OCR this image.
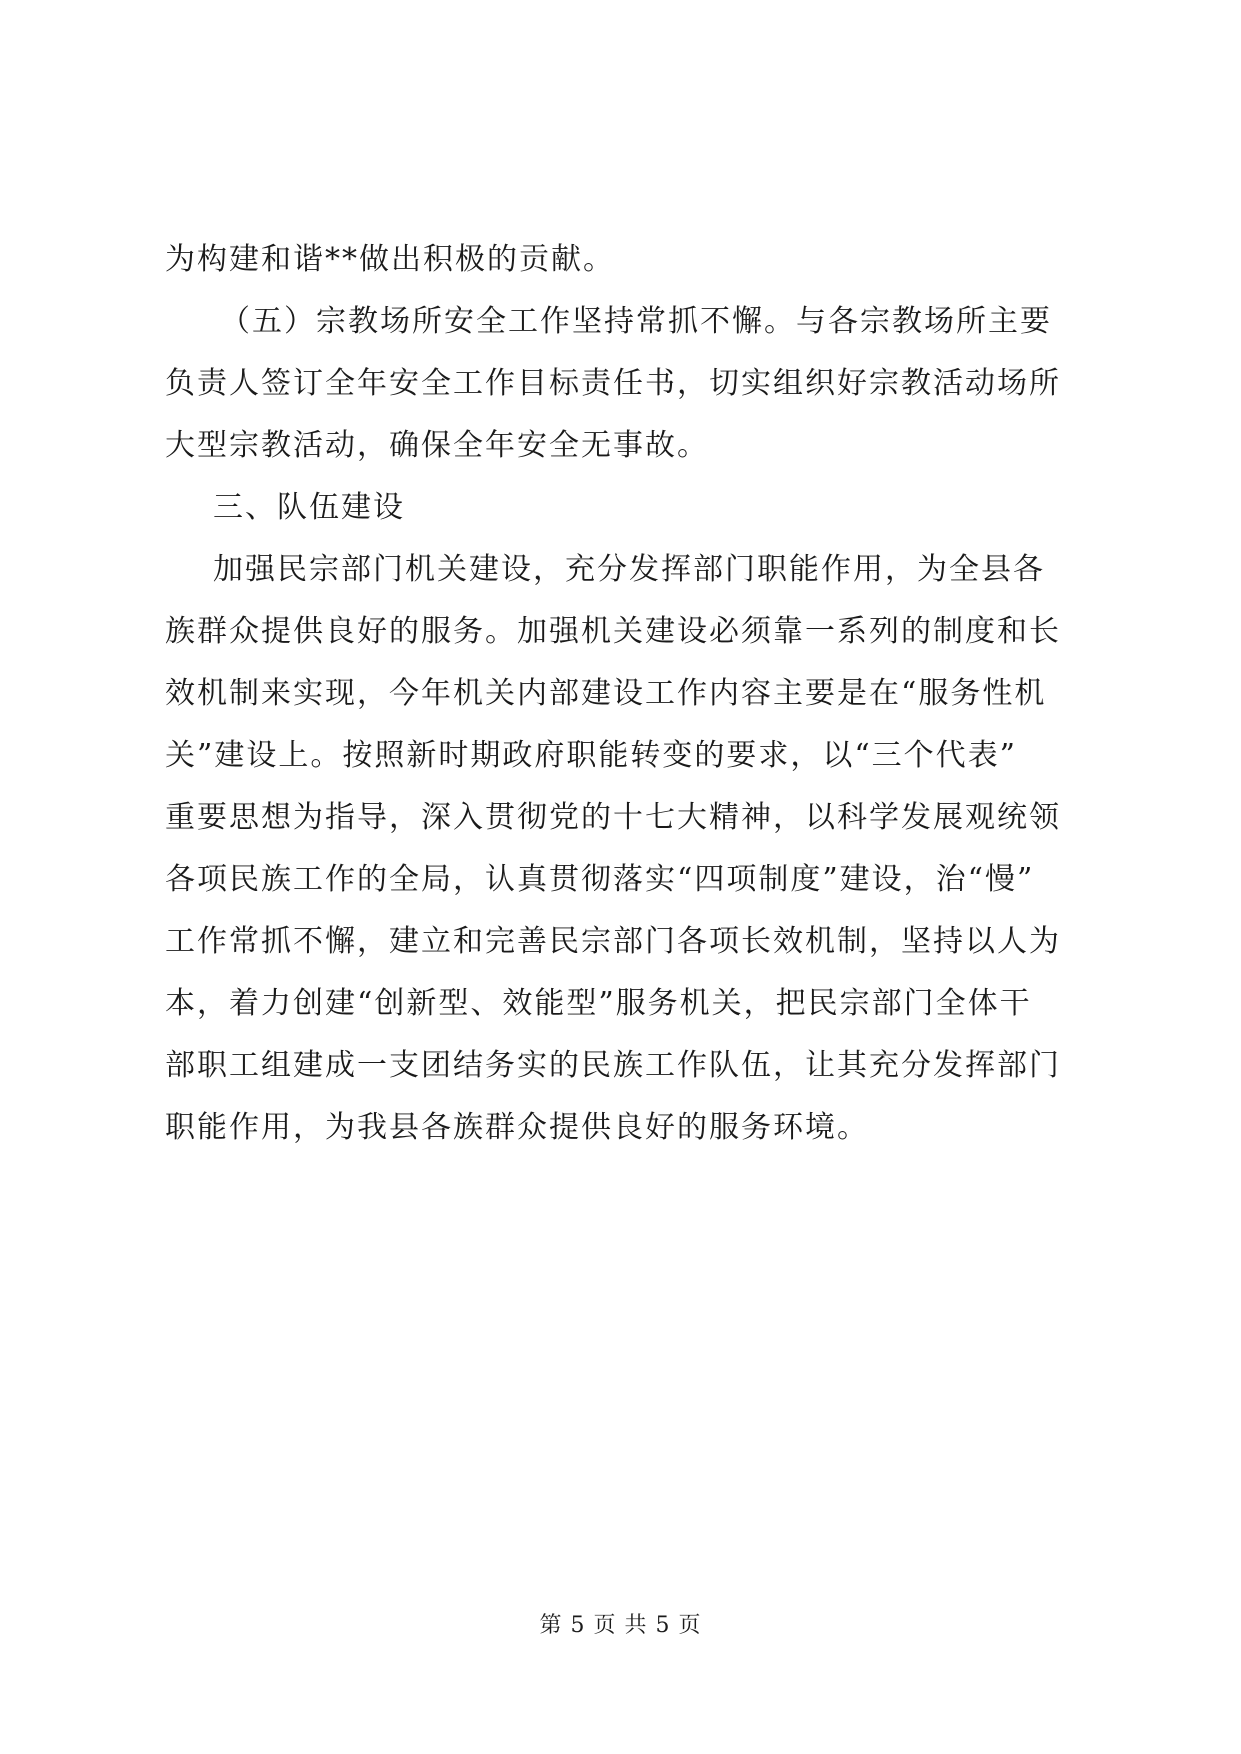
为构建和谐**做出积极的贡献。
（五）宗教场所安全工作坚持常抓不懈。与各宗教场所主要
负责人签订全年安全工作目标责任书，切实组织好宗教活动场所
大型宗教活动，确保全年安全无事故。
三、队伍建设
加强民宗部门机关建设，充分发挥部门职能作用，为全县各
族群众提供良好的服务。加强机关建设必须靠一系列的制度和长
效机制来实现，今年机关内部建设工作内容主要是在“服务性机
关”建设上。按照新时期政府职能转变的要求，以“三个代表”
重要思想为指导，深入贯彻党的十七大精神，以科学发展观统领
各项民族工作的全局，认真贯彻落实“四项制度”建设，治“慢”
工作常抓不懈，建立和完善民宗部门各项长效机制，坚持以人为
本，着力创建“创新型、效能型”服务机关，把民宗部门全体干
部职工组建成一支团结务实的民族工作队伍，让其充分发挥部门
职能作用，为我县各族群众提供良好的服务环境。
第 5 页 共 5 页
